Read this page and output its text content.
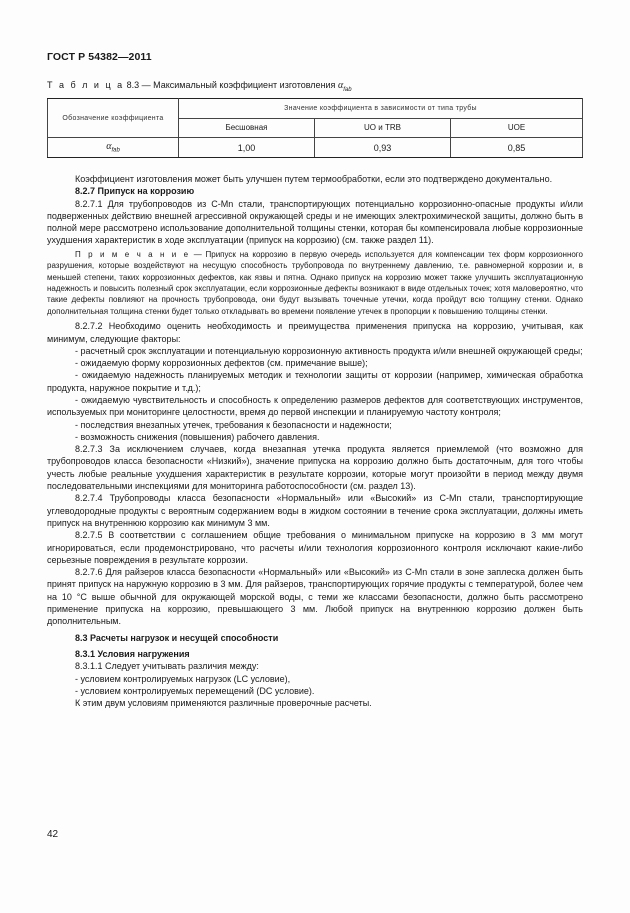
ГОСТ Р 54382—2011
Т а б л и ц а 8.3 — Максимальный коэффициент изготовления $\alpha_{fab}$
Обозначение коэффициента	Значение коэффициента в зависимости от типа трубы		
	Бесшовная	UO и TRB	UOE
$\alpha_{fab}$	1,00	0,93	0,85

Коэффициент изготовления может быть улучшен путем термообработки, если это подтверждено документально.

8.2.7 Припуск на коррозию

8.2.7.1 Для трубопроводов из C-Mn стали, транспортирующих потенциально коррозионно-опасные продукты и/или подверженных действию внешней агрессивной окружающей среды и не имеющих электрохимической защиты, должно быть в полной мере рассмотрено использование дополнительной толщины стенки, которая бы компенсировала любые коррозионные ухудшения характеристик в ходе эксплуатации (припуск на коррозию) (см. также раздел 11).

П р и м е ч а н и е — Припуск на коррозию в первую очередь используется для компенсации тех форм коррозионного разрушения, которые воздействуют на несущую способность трубопровода по внутреннему давлению, т.е. равномерной коррозии и, в меньшей степени, таких коррозионных дефектов, как язвы и пятна. Однако припуск на коррозию может также улучшить эксплуатационную надежность и повысить полезный срок эксплуатации, если коррозионные дефекты возникают в виде отдельных точек; хотя маловероятно, что такие дефекты повлияют на прочность трубопровода, они будут вызывать точечные утечки, когда пройдут всю толщину стенки. Однако дополнительная толщина стенки будет только откладывать во времени появление утечек в пропорции к повышению толщины стенки.

8.2.7.2 Необходимо оценить необходимость и преимущества применения припуска на коррозию, учитывая, как минимум, следующие факторы:

- расчетный срок эксплуатации и потенциальную коррозионную активность продукта и/или внешней окружающей среды;

- ожидаемую форму коррозионных дефектов (см. примечание выше);

- ожидаемую надежность планируемых методик и технологии защиты от коррозии (например, химическая обработка продукта, наружное покрытие и т.д.);

- ожидаемую чувствительность и способность к определению размеров дефектов для соответствующих инструментов, используемых при мониторинге целостности, время до первой инспекции и планируемую частоту контроля;

- последствия внезапных утечек, требования к безопасности и надежности;

- возможность снижения (повышения) рабочего давления.

8.2.7.3 За исключением случаев, когда внезапная утечка продукта является приемлемой (что возможно для трубопроводов класса безопасности «Низкий»), значение припуска на коррозию должно быть достаточным, для того чтобы учесть любые реальные ухудшения характеристик в результате коррозии, которые могут произойти в период между двумя последовательными инспекциями для мониторинга работоспособности (см. раздел 13).

8.2.7.4 Трубопроводы класса безопасности «Нормальный» или «Высокий» из C-Mn стали, транспортирующие углеводородные продукты с вероятным содержанием воды в жидком состоянии в течение срока эксплуатации, должны иметь припуск на внутреннюю коррозию как минимум 3 мм.

8.2.7.5 В соответствии с соглашением общие требования о минимальном припуске на коррозию в 3 мм могут игнорироваться, если продемонстрировано, что расчеты и/или технология коррозионного контроля исключают какие-либо серьезные повреждения в результате коррозии.

8.2.7.6 Для райзеров класса безопасности «Нормальный» или «Высокий» из C-Mn стали в зоне заплеска должен быть принят припуск на наружную коррозию в 3 мм. Для райзеров, транспортирующих горячие продукты с температурой, более чем на 10 °С выше обычной для окружающей морской воды, с теми же классами безопасности, должно быть рассмотрено применение припуска на коррозию, превышающего 3 мм. Любой припуск на внутреннюю коррозию должен быть дополнительным.

8.3 Расчеты нагрузок и несущей способности

8.3.1 Условия нагружения

8.3.1.1 Следует учитывать различия между:

- условием контролируемых нагрузок (LC условие),

- условием контролируемых перемещений (DC условие).

К этим двум условиям применяются различные проверочные расчеты.

42
